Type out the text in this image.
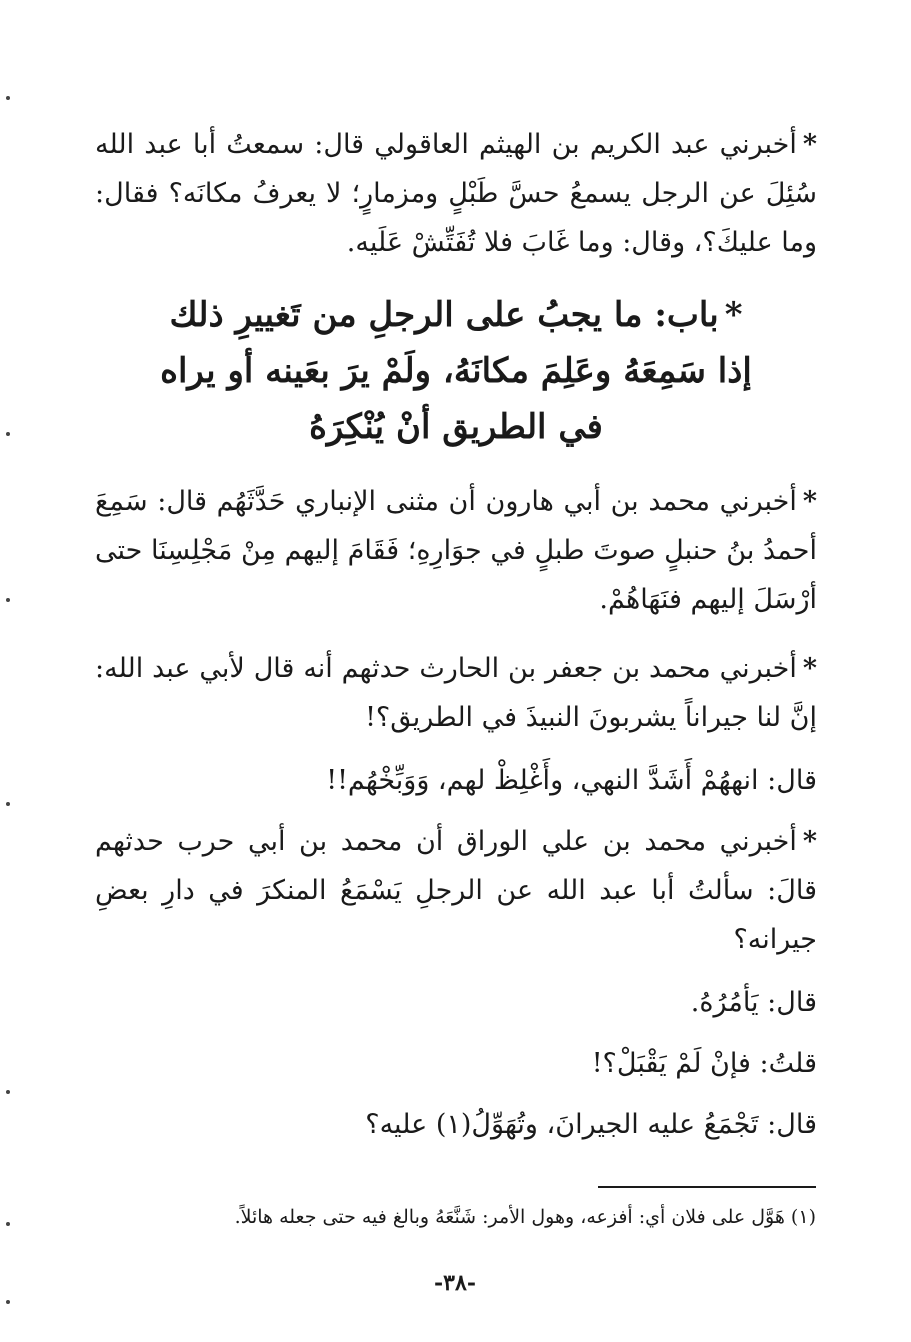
*أخبرني عبد الكريم بن الهيثم العاقولي قال: سمعتُ أبا عبد الله سُئِلَ عن الرجل يسمعُ حسَّ طَبْلٍ ومزمارٍ؛ لا يعرفُ مكانَه؟ فقال: وما عليكَ؟، وقال: وما غَابَ فلا تُفَتِّشْ عَلَيه.

*باب: ما يجبُ على الرجلِ من تَغييرِ ذلك
إذا سَمِعَهُ وعَلِمَ مكانَهُ، ولَمْ يرَ بعَينه أو يراه
في الطريق أنْ يُنْكِرَهُ

*أخبرني محمد بن أبي هارون أن مثنى الإنباري حَدَّثَهُم قال: سَمِعَ أحمدُ بنُ حنبلٍ صوتَ طبلٍ في جوَارِهِ؛ فَقَامَ إليهم مِنْ مَجْلِسِنَا حتى أرْسَلَ إليهم فنَهَاهُمْ.

*أخبرني محمد بن جعفر بن الحارث حدثهم أنه قال لأبي عبد الله: إنَّ لنا جيراناً يشربونَ النبيذَ في الطريق؟!

قال: انههُمْ أَشَدَّ النهي، وأَغْلِظْ لهم، وَوَبِّخْهُم!!

*أخبرني محمد بن علي الوراق أن محمد بن أبي حرب حدثهم قالَ: سألتُ أبا عبد الله عن الرجلِ يَسْمَعُ المنكرَ في دارِ بعضِ جيرانه؟

قال: يَأمُرُهُ.

قلتُ: فإنْ لَمْ يَقْبَلْ؟!

قال: تَجْمَعُ عليه الجيرانَ، وتُهَوِّلُ(١) عليه؟

(١) هَوَّل على فلان أي: أفزعه، وهول الأمر: شَنَّعَهُ وبالغ فيه حتى جعله هائلاً.
-٣٨-
